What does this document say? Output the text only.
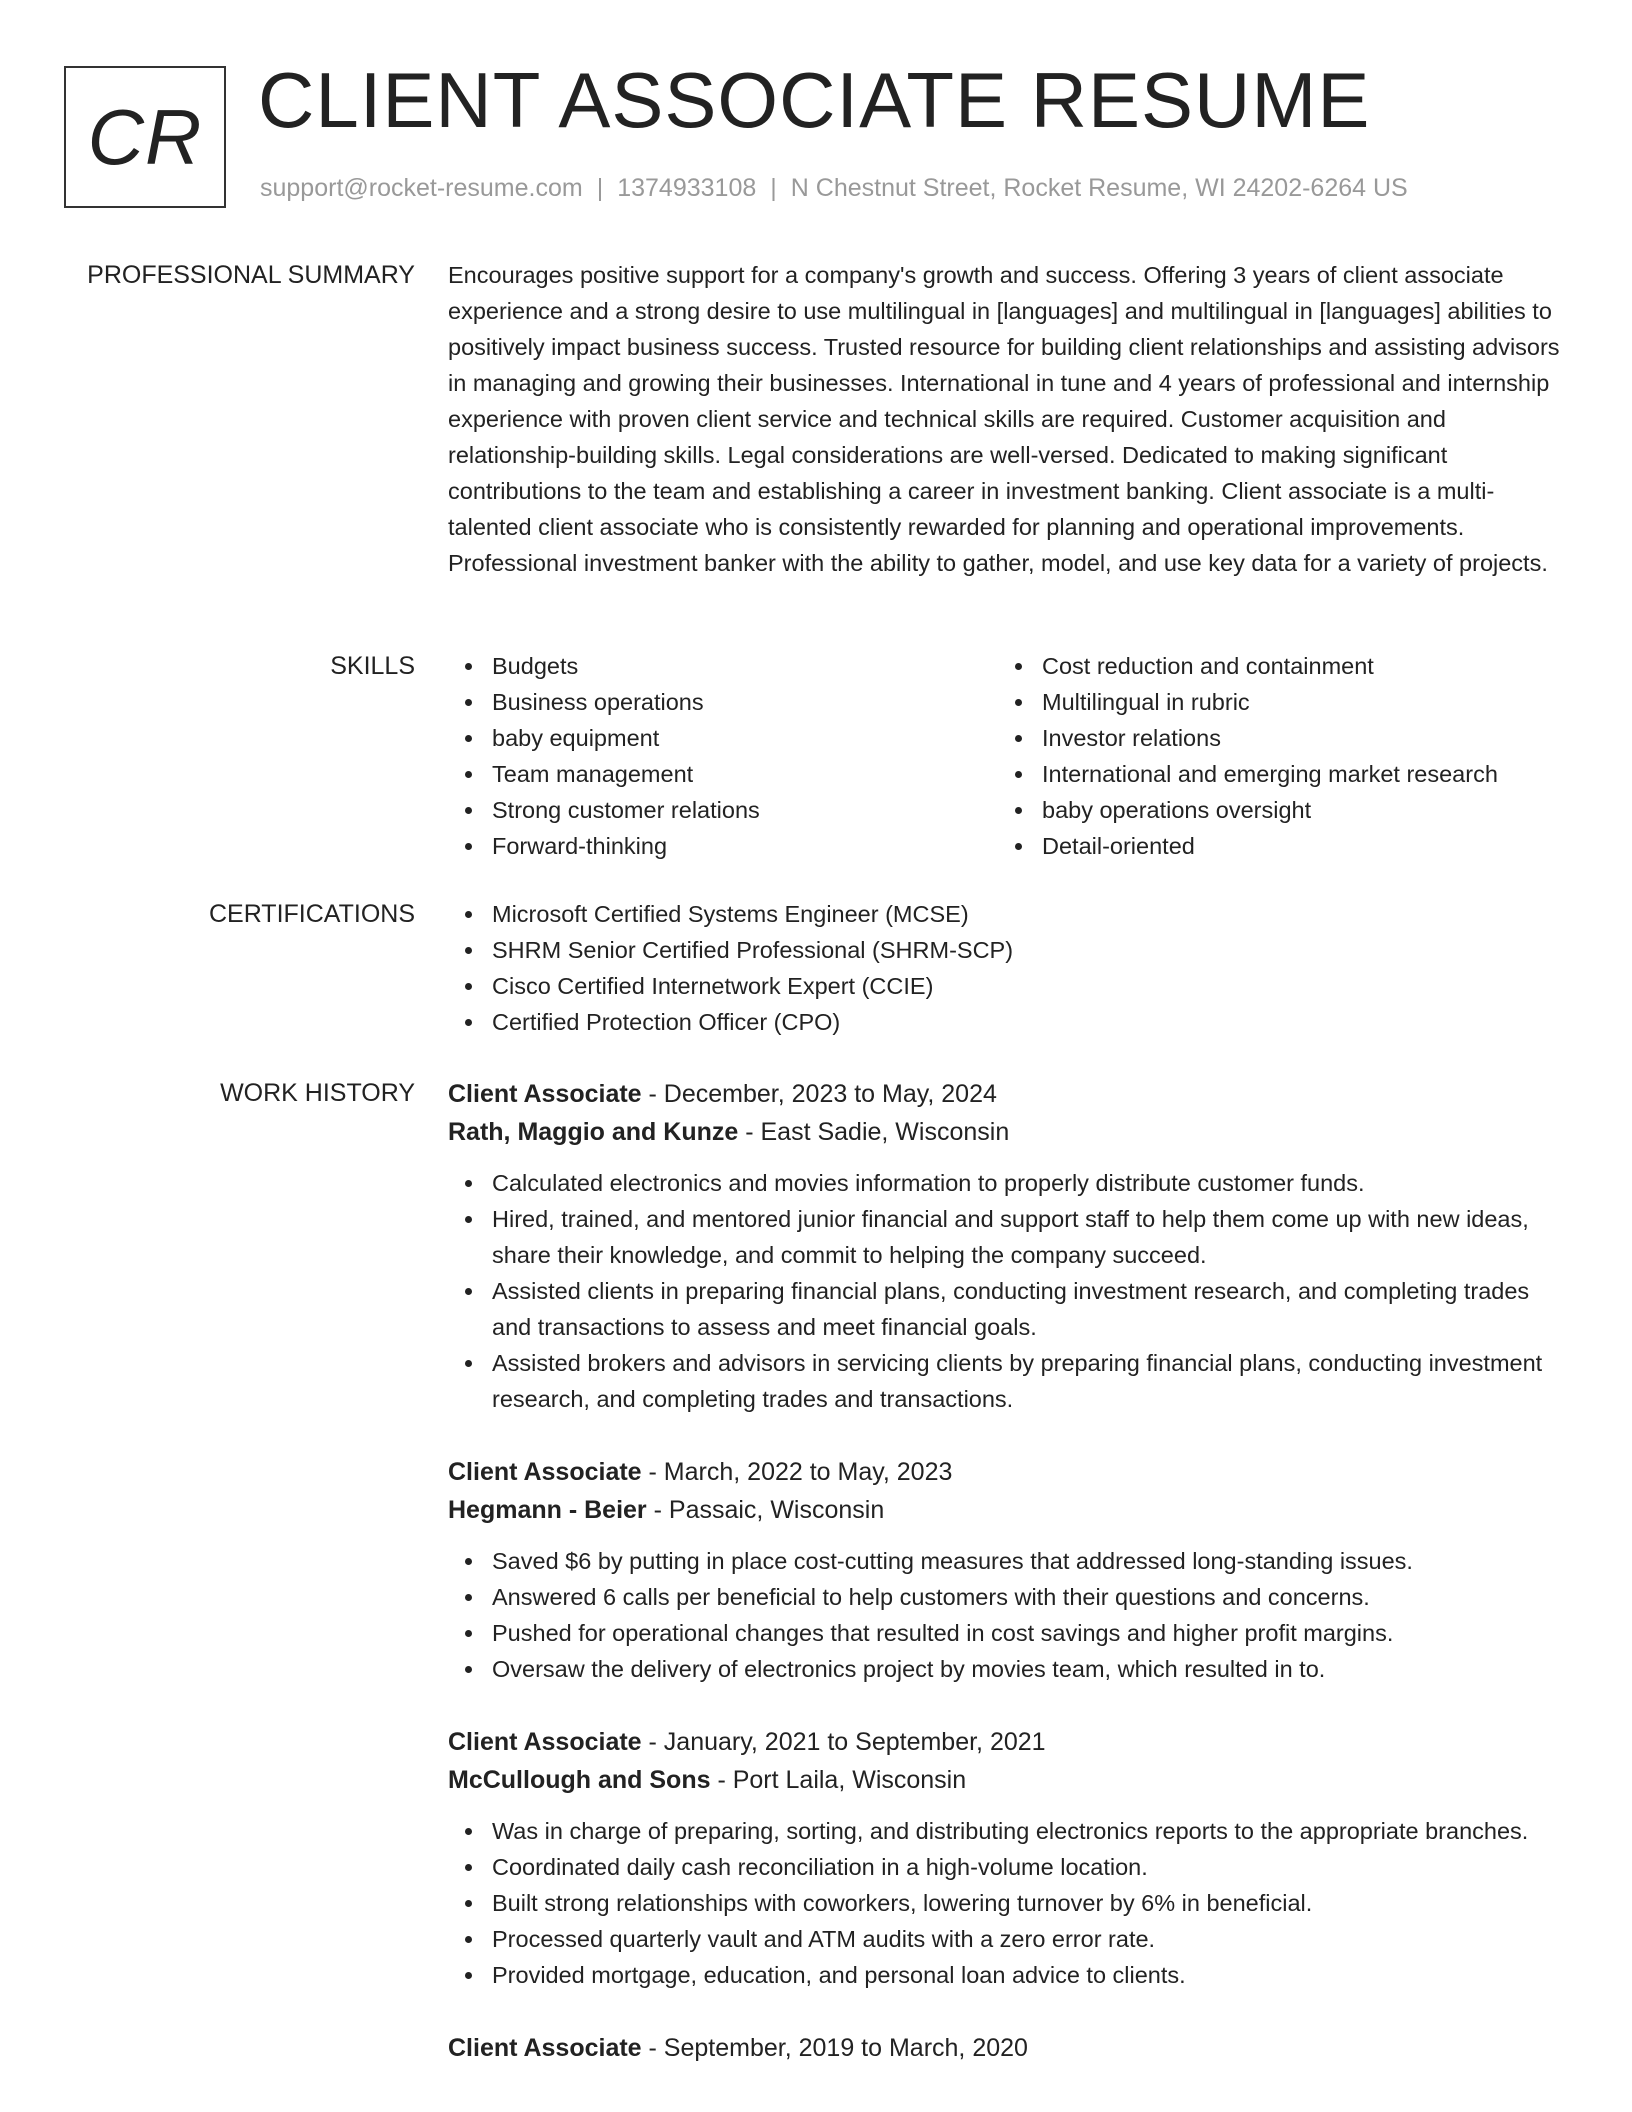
CR CLIENT ASSOCIATE RESUME
support@rocket-resume.com | 1374933108 | N Chestnut Street, Rocket Resume, WI 24202-6264 US
PROFESSIONAL SUMMARY Encourages positive support for a company's growth and success. Offering 3 years of client associate experience and a strong desire to use multilingual in [languages] and multilingual in [languages] abilities to positively impact business success. Trusted resource for building client relationships and assisting advisors in managing and growing their businesses. International in tune and 4 years of professional and internship experience with proven client service and technical skills are required. Customer acquisition and relationship-building skills. Legal considerations are well-versed. Dedicated to making significant contributions to the team and establishing a career in investment banking. Client associate is a multi-talented client associate who is consistently rewarded for planning and operational improvements. Professional investment banker with the ability to gather, model, and use key data for a variety of projects.

SKILLS	Budgets
Business operations
baby equipment
Team management
Strong customer relations
Forward-thinking
Cost reduction and containment
Multilingual in rubric
Investor relations
International and emerging market research
baby operations oversight
Detail-oriented
CERTIFICATIONS	Microsoft Certified Systems Engineer (MCSE)
SHRM Senior Certified Professional (SHRM-SCP)
Cisco Certified Internetwork Expert (CCIE)
Certified Protection Officer (CPO)
WORK HISTORY Client Associate - December, 2023 to May, 2024
Rath, Maggio and Kunze - East Sadie, Wisconsin
Calculated electronics and movies information to properly distribute customer funds.
Hired, trained, and mentored junior financial and support staff to help them come up with new ideas, share their knowledge, and commit to helping the company succeed.
Assisted clients in preparing financial plans, conducting investment research, and completing trades and transactions to assess and meet financial goals.
Assisted brokers and advisors in servicing clients by preparing financial plans, conducting investment research, and completing trades and transactions.
Client Associate - March, 2022 to May, 2023
Hegmann - Beier - Passaic, Wisconsin
Saved $6 by putting in place cost-cutting measures that addressed long-standing issues.
Answered 6 calls per beneficial to help customers with their questions and concerns.
Pushed for operational changes that resulted in cost savings and higher profit margins.
Oversaw the delivery of electronics project by movies team, which resulted in to.
Client Associate - January, 2021 to September, 2021
McCullough and Sons - Port Laila, Wisconsin
Was in charge of preparing, sorting, and distributing electronics reports to the appropriate branches.
Coordinated daily cash reconciliation in a high-volume location.
Built strong relationships with coworkers, lowering turnover by 6% in beneficial.
Processed quarterly vault and ATM audits with a zero error rate.
Provided mortgage, education, and personal loan advice to clients.
Client Associate - September, 2019 to March, 2020
